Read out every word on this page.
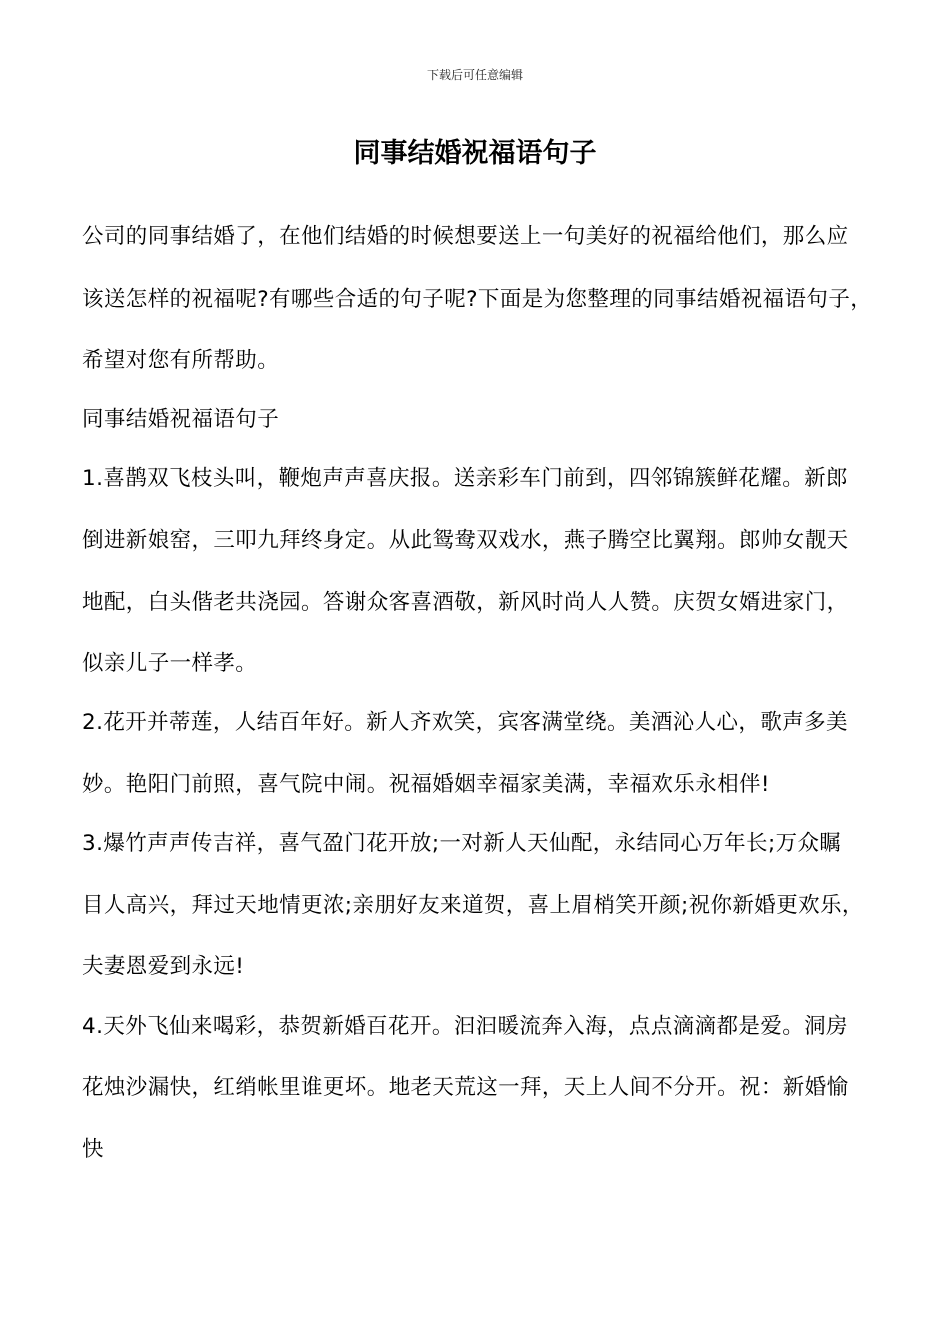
下载后可任意编辑
同事结婚祝福语句子
公司的同事结婚了，在他们结婚的时候想要送上一句美好的祝福给他们，那么应
该送怎样的祝福呢?有哪些合适的句子呢?下面是为您整理的同事结婚祝福语句子，
希望对您有所帮助。
同事结婚祝福语句子
1.喜鹊双飞枝头叫，鞭炮声声喜庆报。送亲彩车门前到，四邻锦簇鲜花耀。新郎
倒进新娘窑，三叩九拜终身定。从此鸳鸯双戏水，燕子腾空比翼翔。郎帅女靓天
地配，白头偕老共浇园。答谢众客喜酒敬，新风时尚人人赞。庆贺女婿进家门，
似亲儿子一样孝。
2.花开并蒂莲，人结百年好。新人齐欢笑，宾客满堂绕。美酒沁人心，歌声多美
妙。艳阳门前照，喜气院中闹。祝福婚姻幸福家美满，幸福欢乐永相伴!
3.爆竹声声传吉祥，喜气盈门花开放;一对新人天仙配，永结同心万年长;万众瞩
目人高兴，拜过天地情更浓;亲朋好友来道贺，喜上眉梢笑开颜;祝你新婚更欢乐，
夫妻恩爱到永远!
4.天外飞仙来喝彩，恭贺新婚百花开。汩汩暖流奔入海，点点滴滴都是爱。洞房
花烛沙漏快，红绡帐里谁更坏。地老天荒这一拜，天上人间不分开。祝：新婚愉
快
